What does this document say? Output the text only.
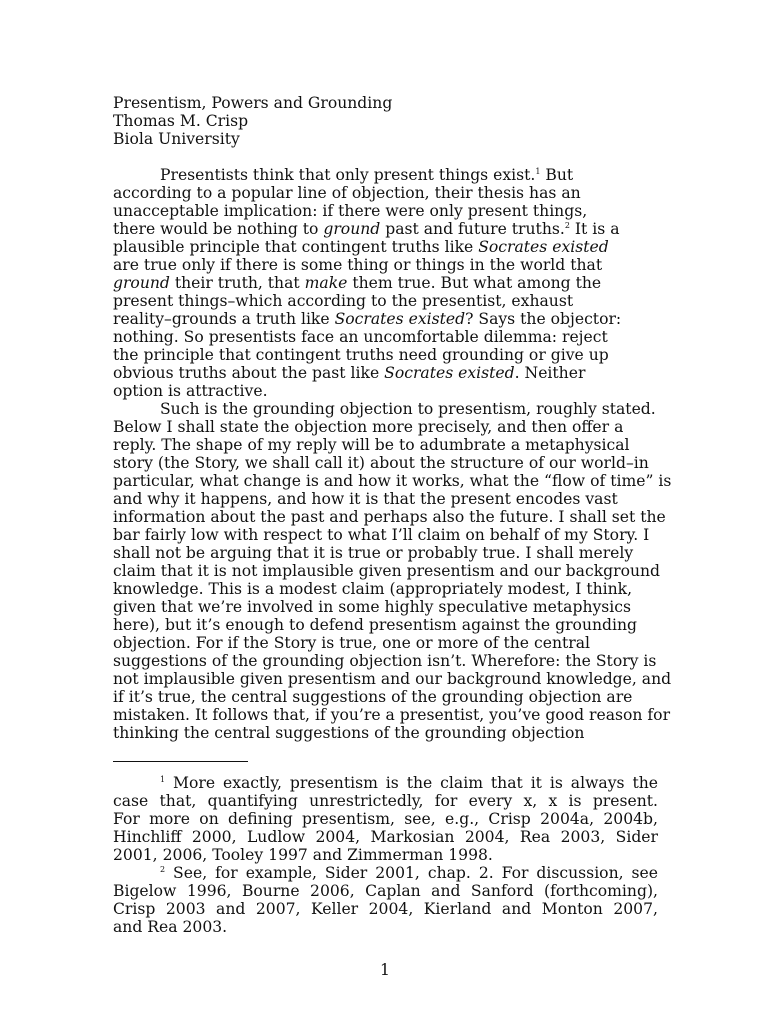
Presentism, Powers and Grounding
Thomas M. Crisp
Biola University
Presentists think that only present things exist.$^1$ But
according to a popular line of objection, their thesis has an
unacceptable implication: if there were only present things,
there would be nothing to ground past and future truths.$^2$ It is a
plausible principle that contingent truths like Socrates existed
are true only if there is some thing or things in the world that
ground their truth, that make them true. But what among the
present things–which according to the presentist, exhaust
reality–grounds a truth like Socrates existed? Says the objector:
nothing. So presentists face an uncomfortable dilemma: reject
the principle that contingent truths need grounding or give up
obvious truths about the past like Socrates existed. Neither
option is attractive.
Such is the grounding objection to presentism, roughly stated.
Below I shall state the objection more precisely, and then offer a
reply. The shape of my reply will be to adumbrate a metaphysical
story (the Story, we shall call it) about the structure of our world–in
particular, what change is and how it works, what the “flow of time” is
and why it happens, and how it is that the present encodes vast
information about the past and perhaps also the future. I shall set the
bar fairly low with respect to what I’ll claim on behalf of my Story. I
shall not be arguing that it is true or probably true. I shall merely
claim that it is not implausible given presentism and our background
knowledge. This is a modest claim (appropriately modest, I think,
given that we’re involved in some highly speculative metaphysics
here), but it’s enough to defend presentism against the grounding
objection. For if the Story is true, one or more of the central
suggestions of the grounding objection isn’t. Wherefore: the Story is
not implausible given presentism and our background knowledge, and
if it’s true, the central suggestions of the grounding objection are
mistaken. It follows that, if you’re a presentist, you’ve good reason for
thinking the central suggestions of the grounding objection
$^1$ More exactly, presentism is the claim that it is always the
case that, quantifying unrestrictedly, for every x, x is present.
For more on defining presentism, see, e.g., Crisp 2004a, 2004b,
Hinchliff 2000, Ludlow 2004, Markosian 2004, Rea 2003, Sider
2001, 2006, Tooley 1997 and Zimmerman 1998.
$^2$ See, for example, Sider 2001, chap. 2. For discussion, see
Bigelow 1996, Bourne 2006, Caplan and Sanford (forthcoming),
Crisp 2003 and 2007, Keller 2004, Kierland and Monton 2007,
and Rea 2003.
1
